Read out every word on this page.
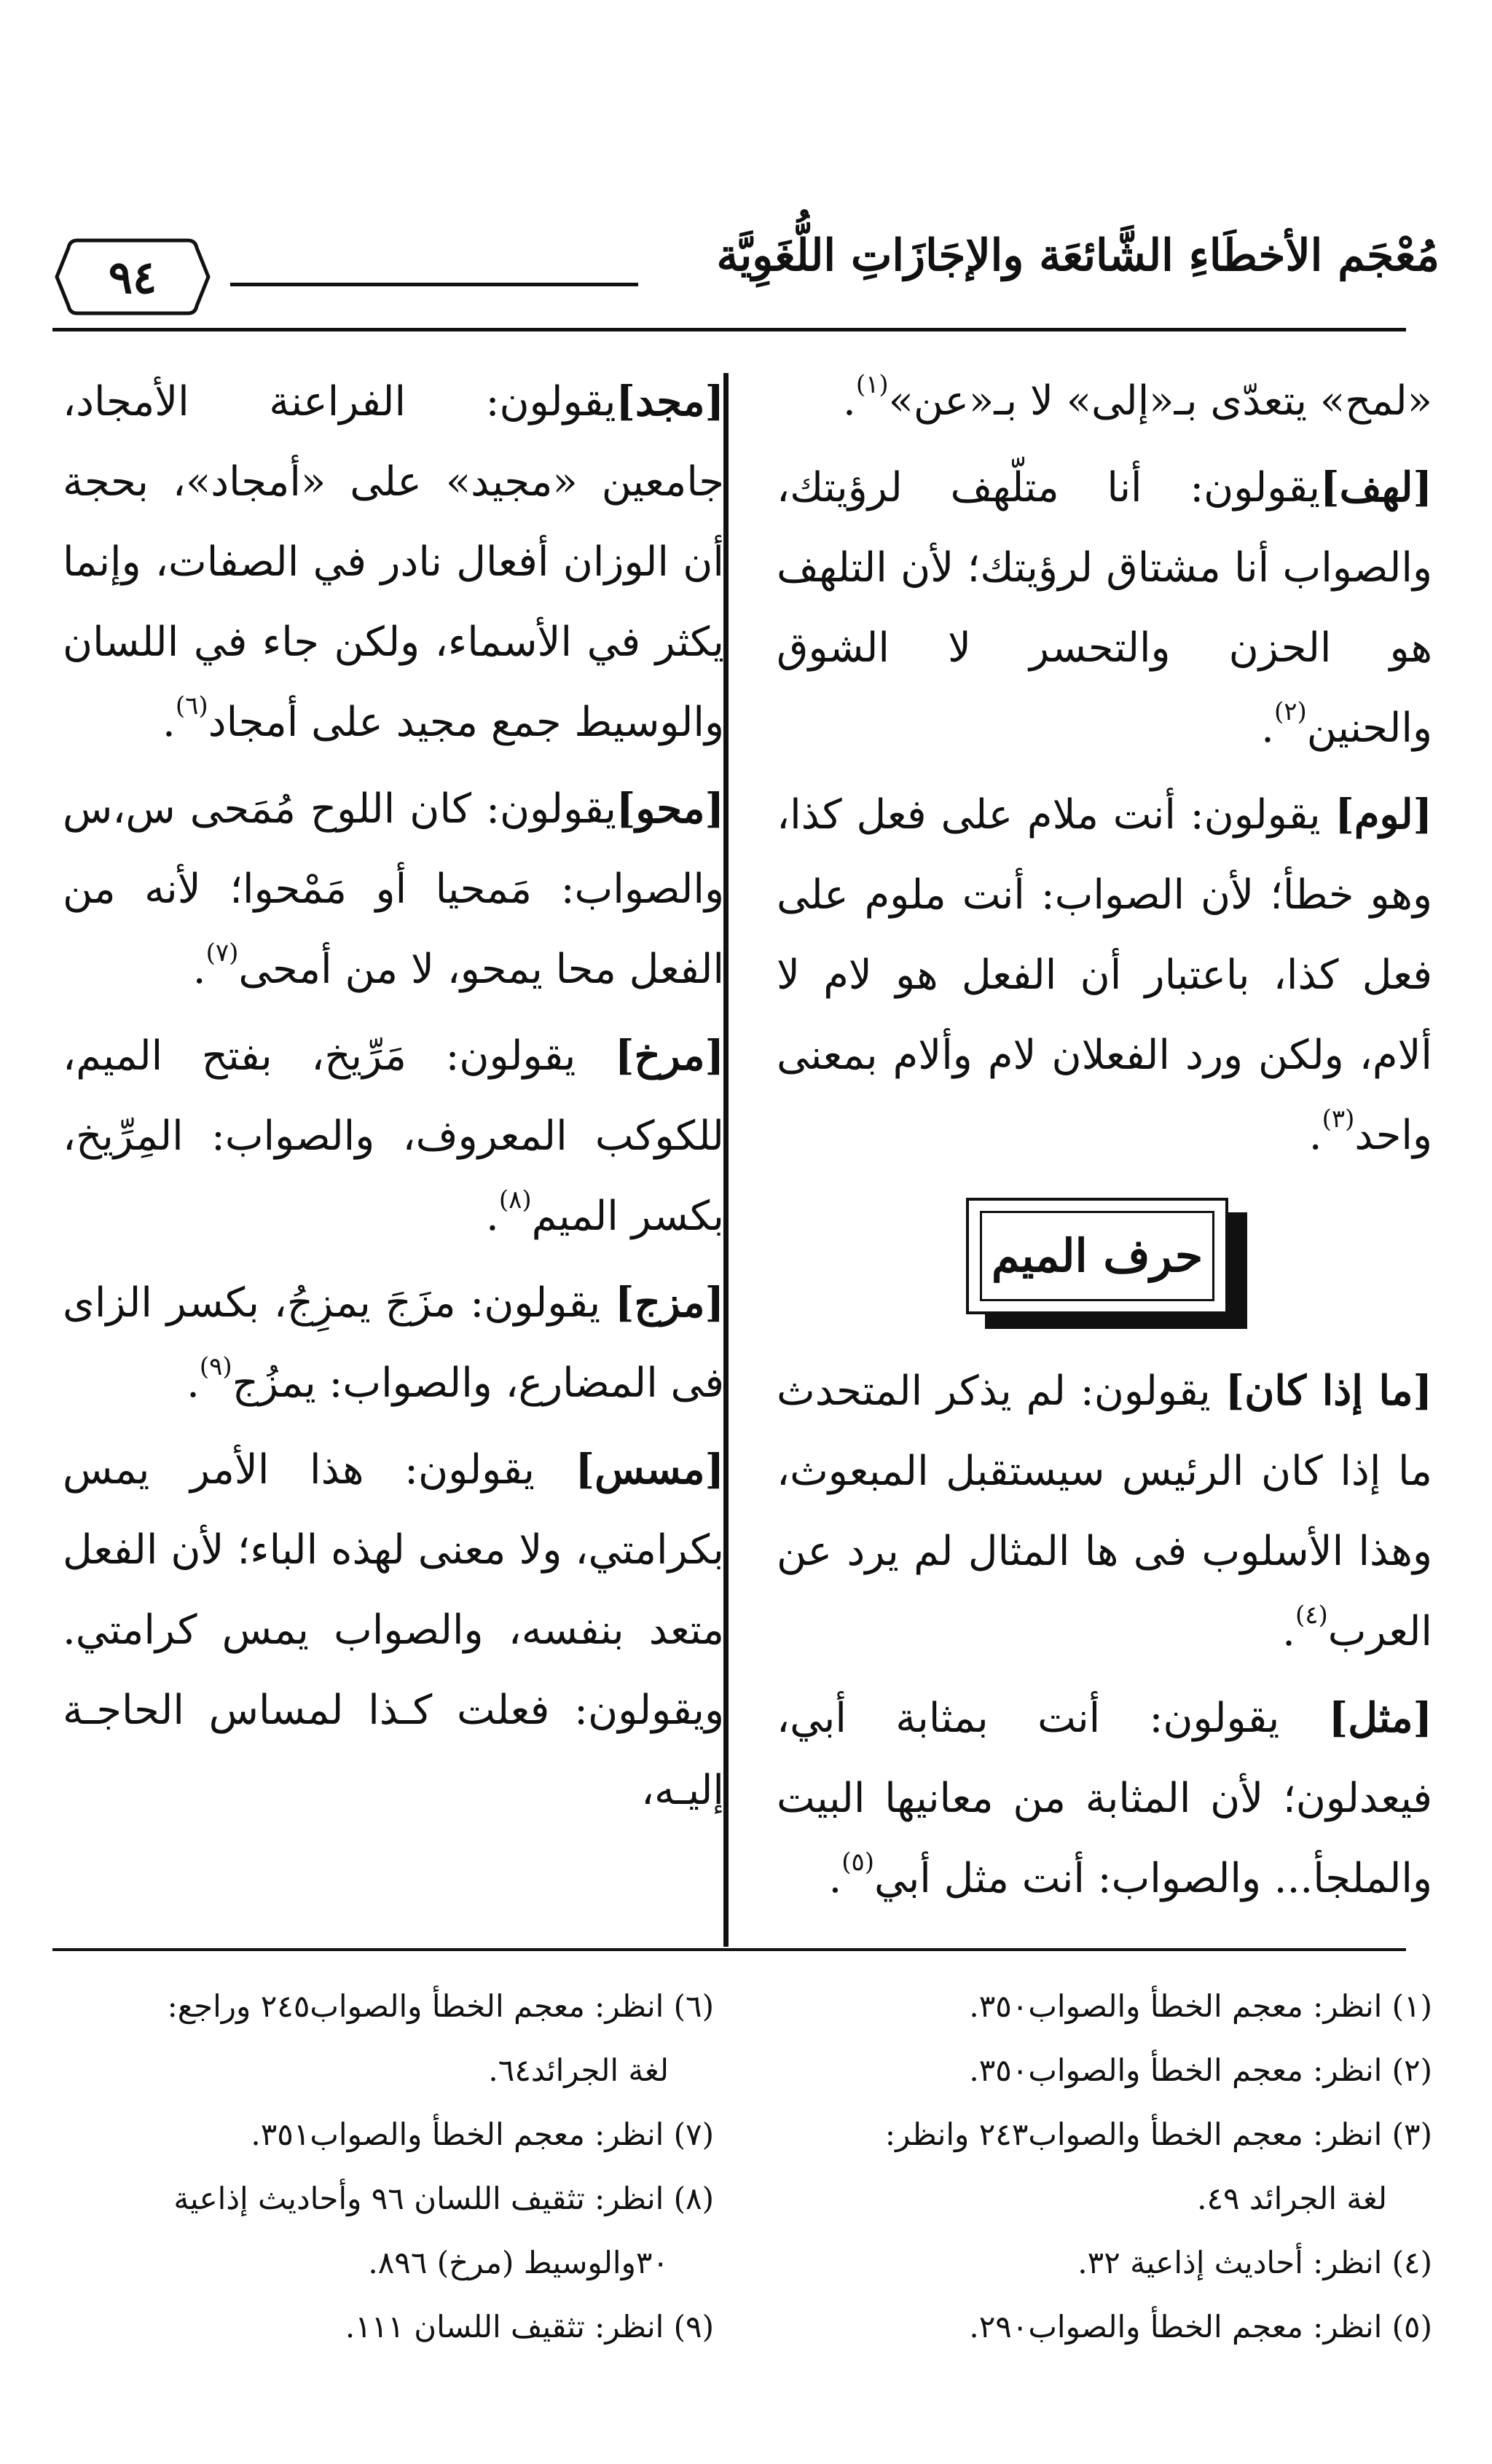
٩٤	مُعْجَم الأخطَاءِ الشَّائعَة والإجَازَاتِ اللُّغَوِيَّة
«لمح» يتعدّى بـ«إلى» لا بـ«عن»$^{(١)}$.
[لهف]يقولون: أنا متلّهف لرؤيتك، والصواب أنا مشتاق لرؤيتك؛ لأن التلهف هو الحزن والتحسر لا الشوق والحنين$^{(٢)}$.
[لوم] يقولون: أنت ملام على فعل كذا، وهو خطأ؛ لأن الصواب: أنت ملوم على فعل كذا، باعتبار أن الفعل هو لام لا ألام، ولكن ورد الفعلان لام وألام بمعنى واحد$^{(٣)}$.
حرف الميم
[ما إذا كان] يقولون: لم يذكر المتحدث ما إذا كان الرئيس سيستقبل المبعوث، وهذا الأسلوب فى ها المثال لم يرد عن العرب$^{(٤)}$.
[مثل] يقولون: أنت بمثابة أبي، فيعدلون؛ لأن المثابة من معانيها البيت والملجأ... والصواب: أنت مثل أبي$^{(٥)}$.
[مجد]يقولون: الفراعنة الأمجاد، جامعين «مجيد» على «أمجاد»، بحجة أن الوزان أفعال نادر في الصفات، وإنما يكثر في الأسماء، ولكن جاء في اللسان والوسيط جمع مجيد على أمجاد$^{(٦)}$.
[محو]يقولون: كان اللوح مُمَحى س،س والصواب: مَمحيا أو مَمْحوا؛ لأنه من الفعل محا يمحو، لا من أمحى$^{(٧)}$.
[مرخ] يقولون: مَرِّيخ، بفتح الميم، للكوكب المعروف، والصواب: المِرِّيخ، بكسر الميم$^{(٨)}$.
[مزج] يقولون: مزَجَ يمزِجُ، بكسر الزاى فى المضارع، والصواب: يمزُج$^{(٩)}$.
[مسس] يقولون: هذا الأمر يمس بكرامتي، ولا معنى لهذه الباء؛ لأن الفعل متعد بنفسه، والصواب يمس كرامتي. ويقولون: فعلت كـذا لمساس الحاجـة إليـه،
(١) انظر: معجم الخطأ والصواب٣٥٠.
(٢) انظر: معجم الخطأ والصواب٣٥٠.
(٣) انظر: معجم الخطأ والصواب٢٤٣ وانظر:
لغة الجرائد ٤٩.
(٤) انظر: أحاديث إذاعية ٣٢.
(٥) انظر: معجم الخطأ والصواب٢٩٠.
(٦) انظر: معجم الخطأ والصواب٢٤٥ وراجع:
لغة الجرائد٦٤.
(٧) انظر: معجم الخطأ والصواب٣٥١.
(٨) انظر: تثقيف اللسان ٩٦ وأحاديث إذاعية
٣٠والوسيط (مرخ) ٨٩٦.
(٩) انظر: تثقيف اللسان ١١١.
